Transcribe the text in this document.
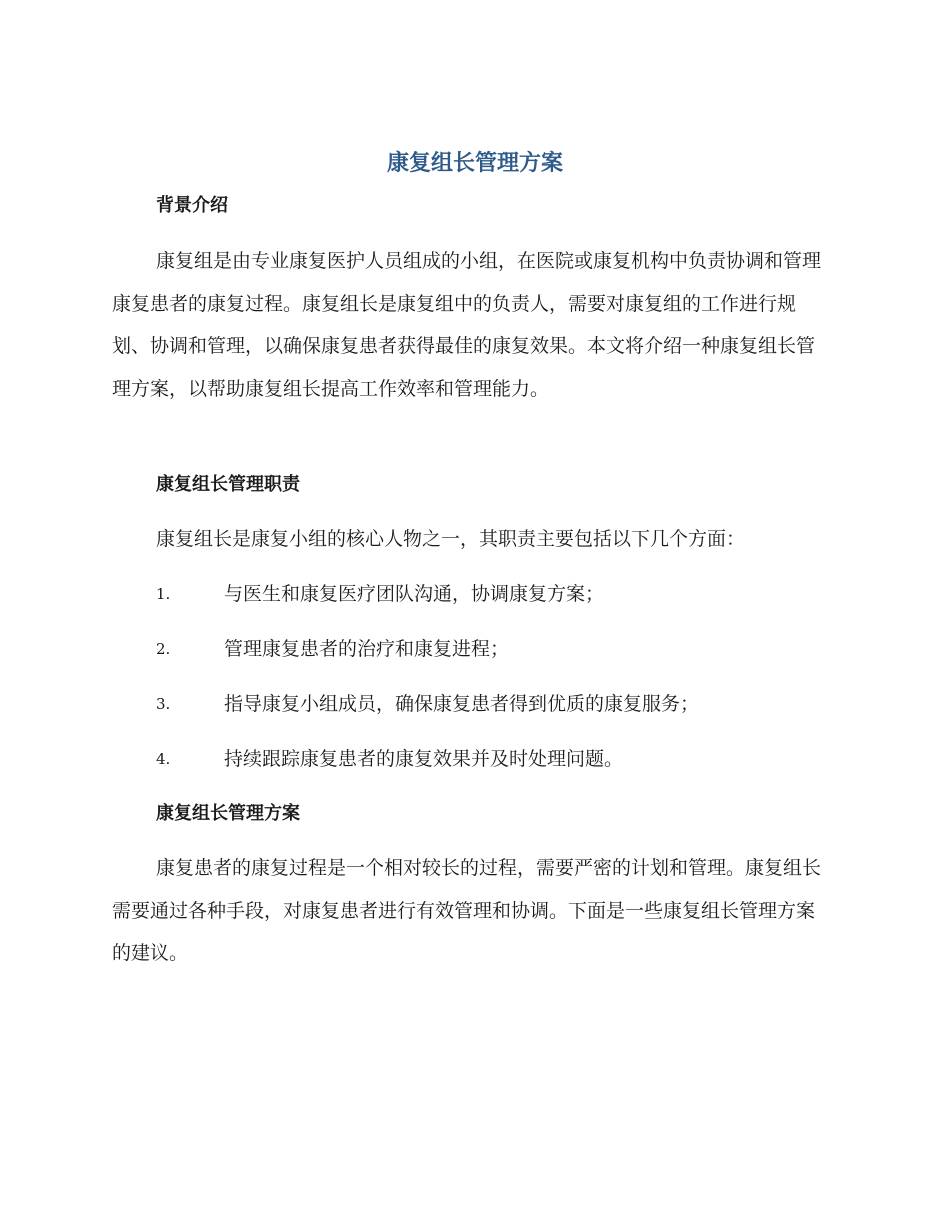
康复组长管理方案
背景介绍

康复组是由专业康复医护人员组成的小组，在医院或康复机构中负责协调和管理康复患者的康复过程。康复组长是康复组中的负责人，需要对康复组的工作进行规划、协调和管理，以确保康复患者获得最佳的康复效果。本文将介绍一种康复组长管理方案，以帮助康复组长提高工作效率和管理能力。

康复组长管理职责

康复组长是康复小组的核心人物之一，其职责主要包括以下几个方面：

1.	与医生和康复医疗团队沟通，协调康复方案；
2.	管理康复患者的治疗和康复进程；
3.	指导康复小组成员，确保康复患者得到优质的康复服务；
4.	持续跟踪康复患者的康复效果并及时处理问题。
康复组长管理方案

康复患者的康复过程是一个相对较长的过程，需要严密的计划和管理。康复组长需要通过各种手段，对康复患者进行有效管理和协调。下面是一些康复组长管理方案的建议。
